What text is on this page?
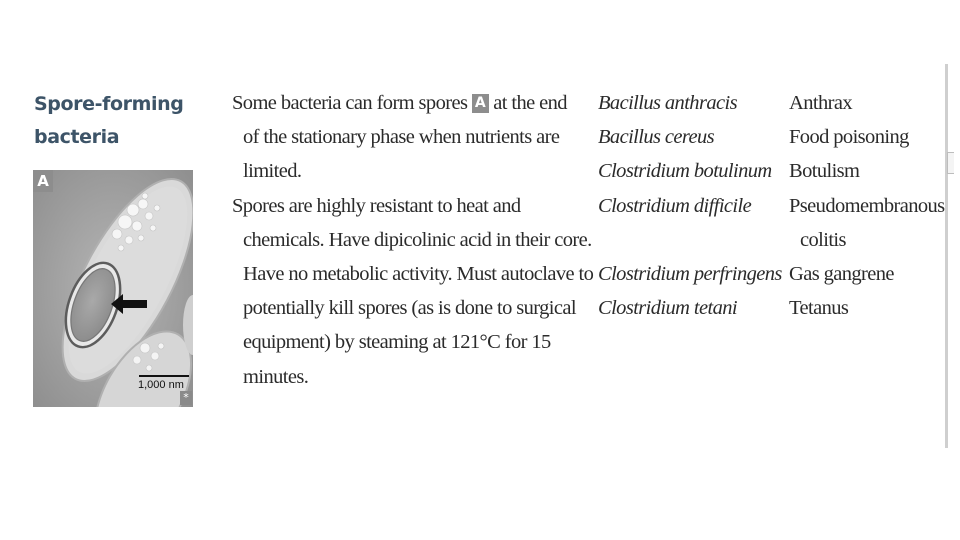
Spore-forming
bacteria
A
1,000 nm
*
Some bacteria can form spores A at the end
of the stationary phase when nutrients are
limited.
Spores are highly resistant to heat and
chemicals. Have dipicolinic acid in their core.
Have no metabolic activity. Must autoclave to
potentially kill spores (as is done to surgical
equipment) by steaming at 121°C for 15
minutes.
Bacillus anthracis
Bacillus cereus
Clostridium botulinum
Clostridium difficile
Clostridium perfringens
Clostridium tetani
Anthrax
Food poisoning
Botulism
Pseudomembranous
colitis
Gas gangrene
Tetanus
